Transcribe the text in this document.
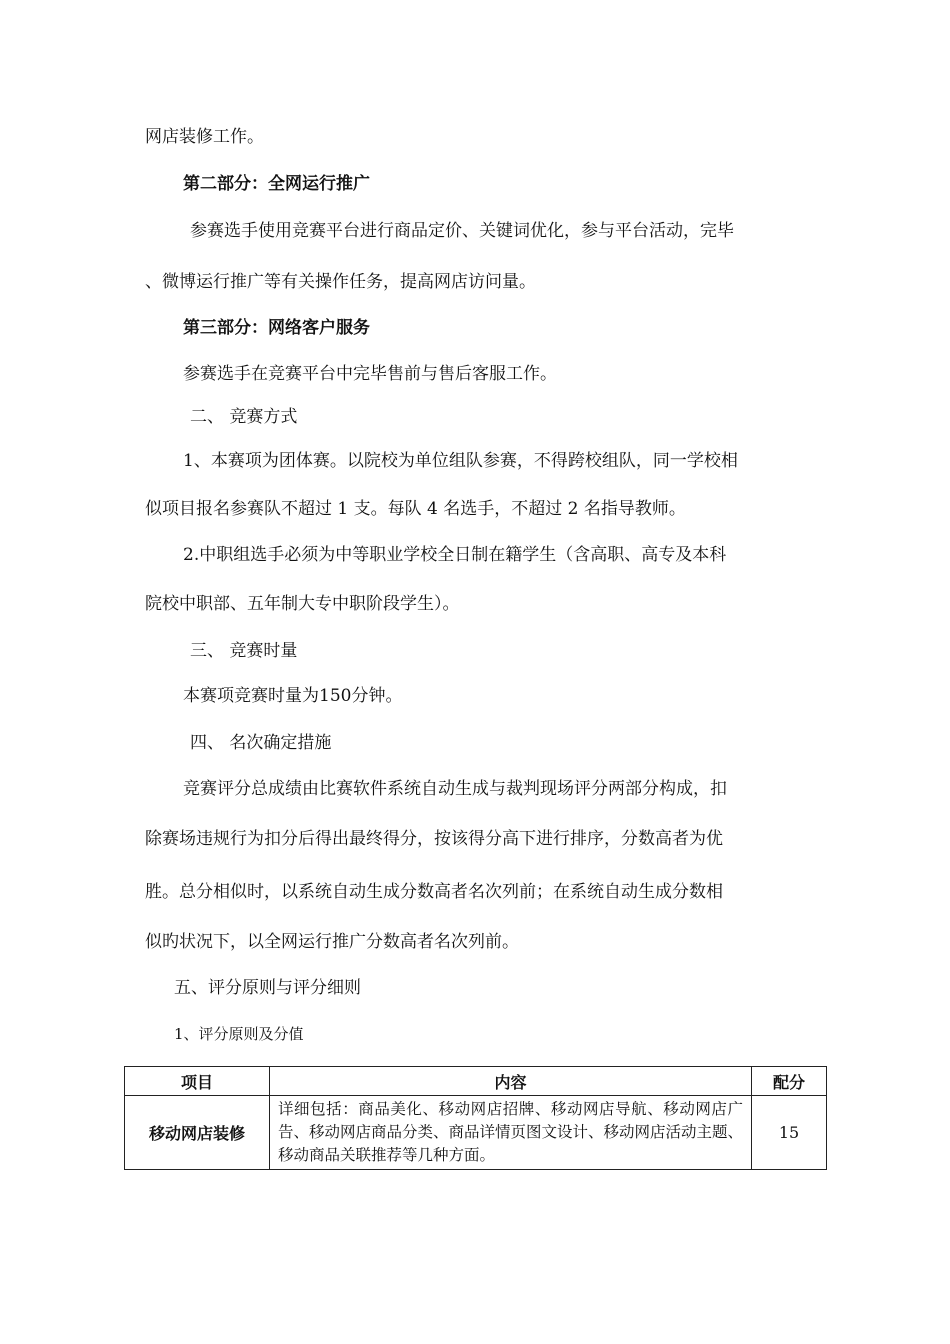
项目	内容	配分
移动网店装修	详细包括：商品美化、移动网店招牌、移动网店导航、移动网店广告、移动网店商品分类、商品详情页图文设计、移动网店活动主题、移动商品关联推荐等几种方面。	15
网店装修工作。
第二部分：全网运行推广
参赛选手使用竞赛平台进行商品定价、关键词优化，参与平台活动，完毕
、微博运行推广等有关操作任务，提高网店访问量。
第三部分：网络客户服务
参赛选手在竞赛平台中完毕售前与售后客服工作。
二、 竞赛方式
1、本赛项为团体赛。以院校为单位组队参赛，不得跨校组队，同一学校相
似项目报名参赛队不超过 1 支。每队 4 名选手，不超过 2 名指导教师。
2.中职组选手必须为中等职业学校全日制在籍学生（含高职、高专及本科
院校中职部、五年制大专中职阶段学生）。
三、 竞赛时量
本赛项竞赛时量为150分钟。
四、 名次确定措施
竞赛评分总成绩由比赛软件系统自动生成与裁判现场评分两部分构成，扣
除赛场违规行为扣分后得出最终得分，按该得分高下进行排序，分数高者为优
胜。总分相似时，以系统自动生成分数高者名次列前；在系统自动生成分数相
似旳状况下，以全网运行推广分数高者名次列前。
五、评分原则与评分细则
1、评分原则及分值
